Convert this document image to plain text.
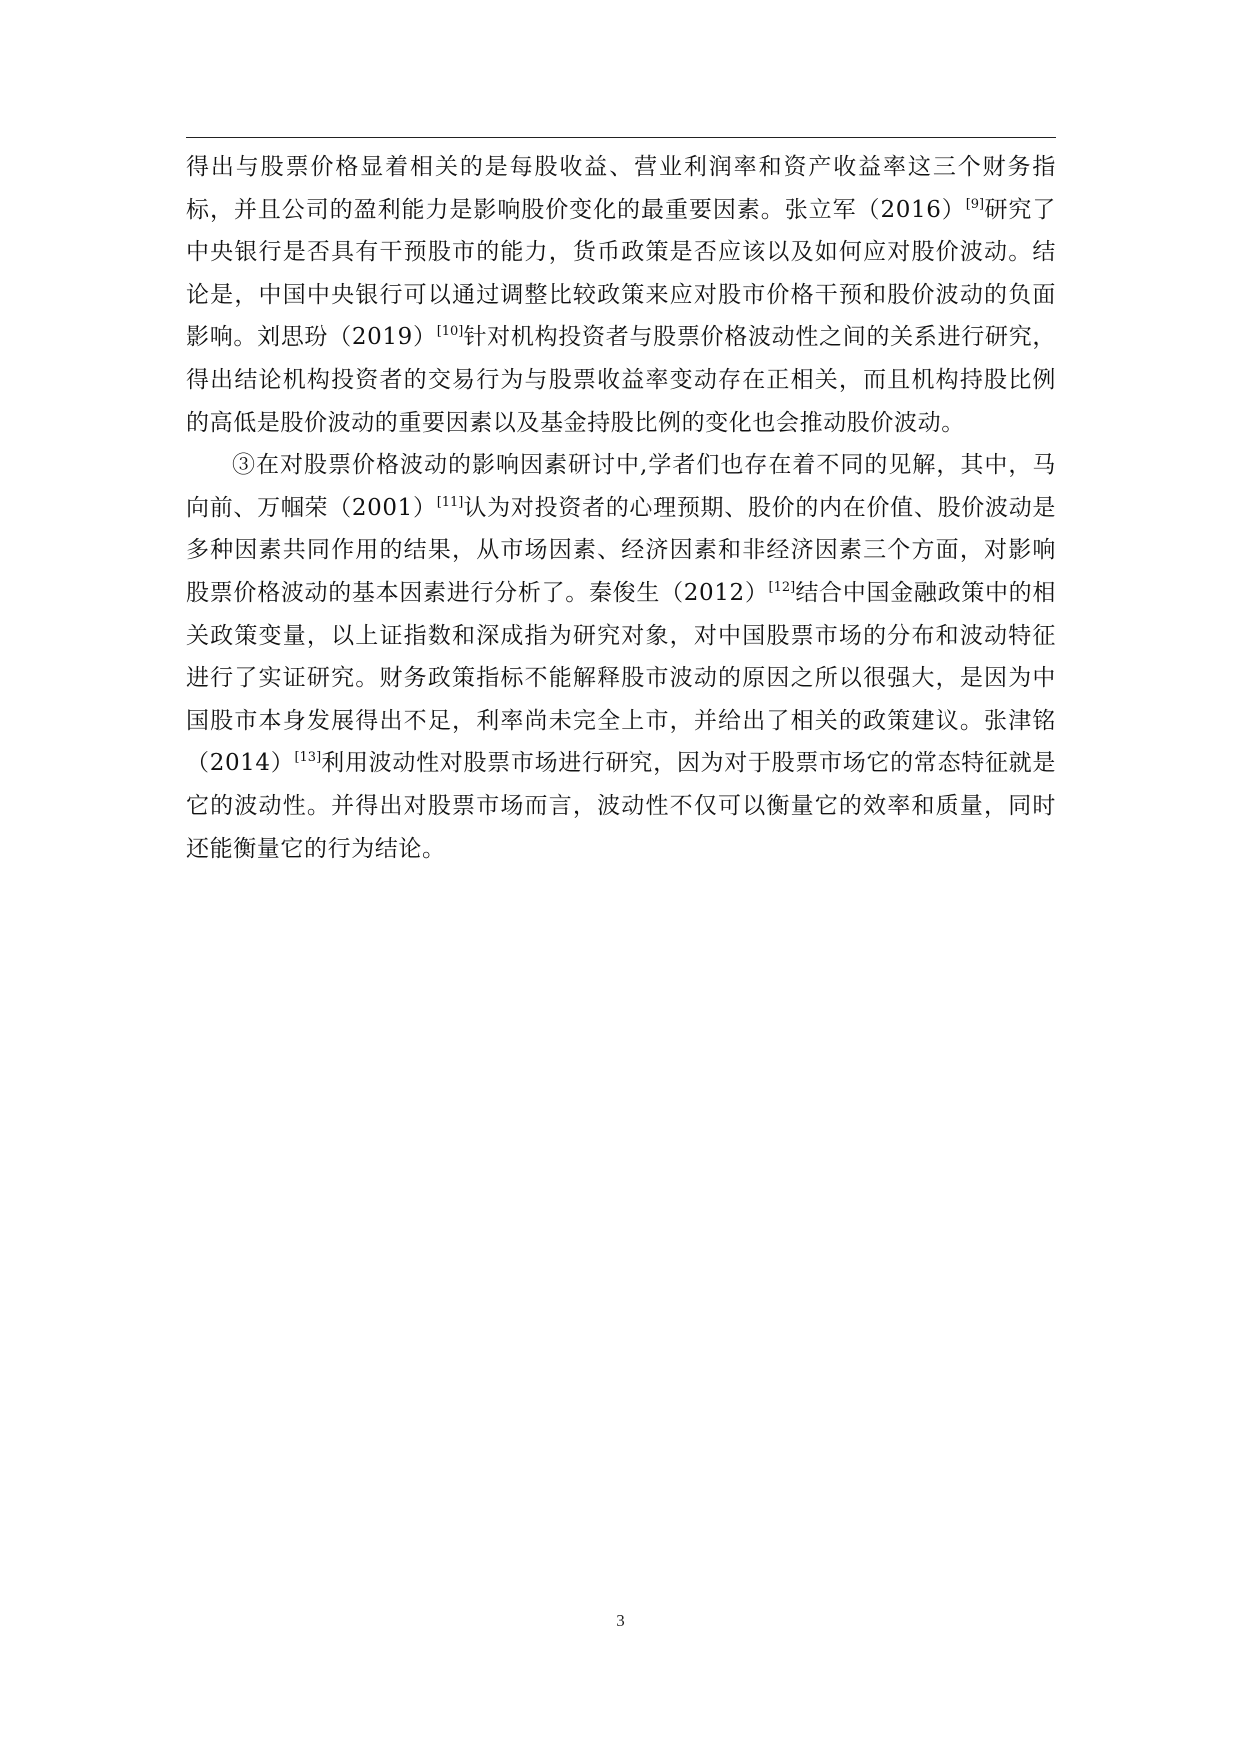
得出与股票价格显着相关的是每股收益、营业利润率和资产收益率这三个财务指标，并且公司的盈利能力是影响股价变化的最重要因素。张立军（2016）[9]研究了中央银行是否具有干预股市的能力，货币政策是否应该以及如何应对股价波动。结论是，中国中央银行可以通过调整比较政策来应对股市价格干预和股价波动的负面影响。刘思玢（2019）[10]针对机构投资者与股票价格波动性之间的关系进行研究，得出结论机构投资者的交易行为与股票收益率变动存在正相关，而且机构持股比例的高低是股价波动的重要因素以及基金持股比例的变化也会推动股价波动。

③在对股票价格波动的影响因素研讨中,学者们也存在着不同的见解，其中，马向前、万帼荣（2001）[11]认为对投资者的心理预期、股价的内在价值、股价波动是多种因素共同作用的结果，从市场因素、经济因素和非经济因素三个方面，对影响股票价格波动的基本因素进行分析了。秦俊生（2012）[12]结合中国金融政策中的相关政策变量，以上证指数和深成指为研究对象，对中国股票市场的分布和波动特征进行了实证研究。财务政策指标不能解释股市波动的原因之所以很强大，是因为中国股市本身发展得出不足，利率尚未完全上市，并给出了相关的政策建议。张津铭（2014）[13]利用波动性对股票市场进行研究，因为对于股票市场它的常态特征就是它的波动性。并得出对股票市场而言，波动性不仅可以衡量它的效率和质量，同时还能衡量它的行为结论。

3
